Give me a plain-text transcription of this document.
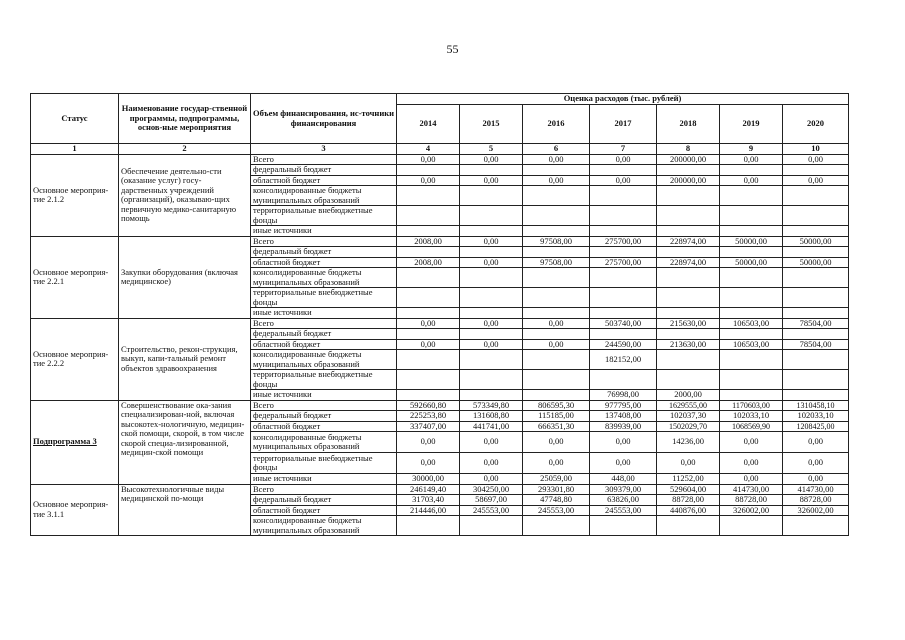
55
Статус	Наименование государ-ственной программы, подпрограммы, основ-ные мероприятия	Объем финансирования, ис-точники финансирования	Оценка расходов (тыс. рублей)						
			2014	2015	2016	2017	2018	2019	2020
1	2	3	4	5	6	7	8	9	10
Основное мероприя-тие 2.1.2	Обеспечение деятельно-сти (оказание услуг) госу-дарственных учреждений (организаций), оказываю-щих первичную медико-санитарную помощь	Всего	0,00	0,00	0,00	0,00	200000,00	0,00	0,00
		федеральный бюджет							
		областной бюджет	0,00	0,00	0,00	0,00	200000,00	0,00	0,00
		консолидированные бюджеты муниципальных образований							
		территориальные внебюджетные фонды							
		иные источники							
Основное мероприя-тие 2.2.1	Закупки оборудования (включая медицинское)	Всего	2008,00	0,00	97508,00	275700,00	228974,00	50000,00	50000,00
		федеральный бюджет							
		областной бюджет	2008,00	0,00	97508,00	275700,00	228974,00	50000,00	50000,00
		консолидированные бюджеты муниципальных образований							
		территориальные внебюджетные фонды							
		иные источники							
Основное мероприя-тие 2.2.2	Строительство, рекон-струкция, выкуп, капи-тальный ремонт объектов здравоохранения	Всего	0,00	0,00	0,00	503740,00	215630,00	106503,00	78504,00
		федеральный бюджет							
		областной бюджет	0,00	0,00	0,00	244590,00	213630,00	106503,00	78504,00
		консолидированные бюджеты муниципальных образований				182152,00			
		территориальные внебюджетные фонды							
		иные источники				76998,00	2000,00		
Подпрограмма 3	Совершенствование ока-зания специализирован-ной, включая высокотех-нологичную, медицин-ской помощи, скорой, в том числе скорой специа-лизированной, медицин-ской помощи	Всего	592660,80	573349,80	806595,30	977795,00	1629555,00	1170603,00	1310458,10
		федеральный бюджет	225253,80	131608,80	115185,00	137408,00	102037,30	102033,10	102033,10
		областной бюджет	337407,00	441741,00	666351,30	839939,00	1502029,70	1068569,90	1208425,00
		консолидированные бюджеты муниципальных образований	0,00	0,00	0,00	0,00	14236,00	0,00	0,00
		территориальные внебюджетные фонды	0,00	0,00	0,00	0,00	0,00	0,00	0,00
		иные источники	30000,00	0,00	25059,00	448,00	11252,00	0,00	0,00
Основное мероприя-тие 3.1.1	Высокотехнологичные виды медицинской по-мощи	Всего	246149,40	304250,00	293301,80	309379,00	529604,00	414730,00	414730,00
		федеральный бюджет	31703,40	58697,00	47748,80	63826,00	88728,00	88728,00	88728,00
		областной бюджет	214446,00	245553,00	245553,00	245553,00	440876,00	326002,00	326002,00
		консолидированные бюджеты муниципальных образований							
